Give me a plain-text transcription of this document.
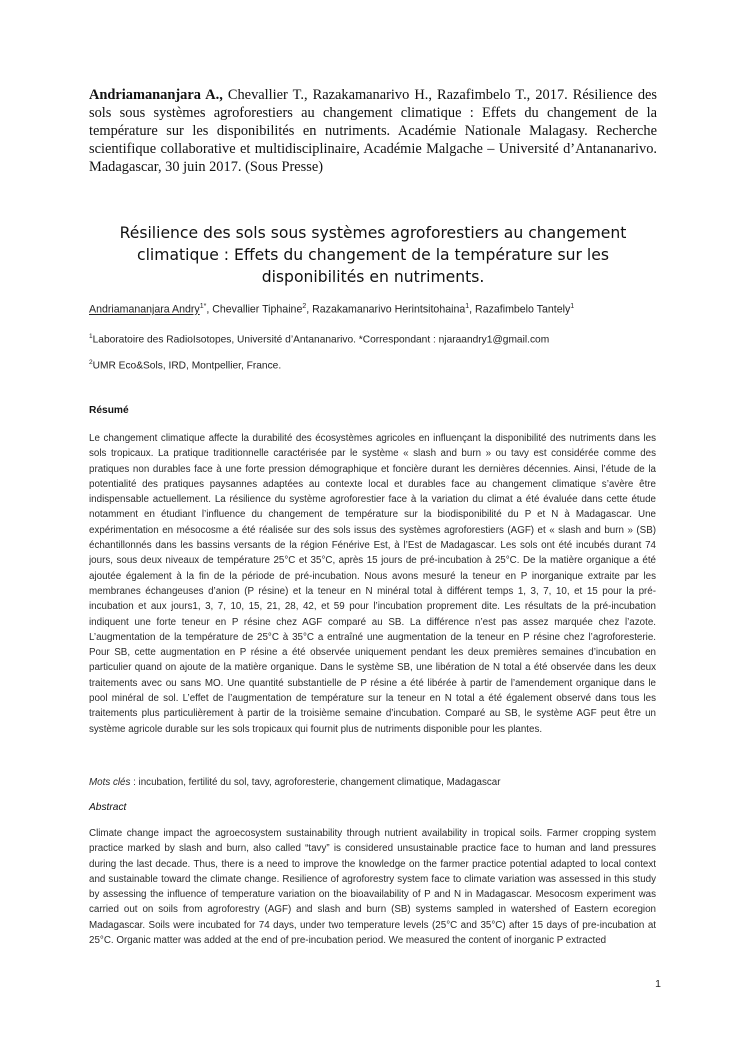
Andriamananjara A., Chevallier T., Razakamanarivo H., Razafimbelo T., 2017. Résilience des sols sous systèmes agroforestiers au changement climatique : Effets du changement de la température sur les disponibilités en nutriments. Académie Nationale Malagasy. Recherche scientifique collaborative et multidisciplinaire, Académie Malgache – Université d’Antananarivo. Madagascar, 30 juin 2017. (Sous Presse)
Résilience des sols sous systèmes agroforestiers au changement climatique : Effets du changement de la température sur les disponibilités en nutriments.
Andriamananjara Andry$^{1*}$, Chevallier Tiphaine$^2$, Razakamanarivo Herintsitohaina$^1$, Razafimbelo Tantely$^1$
$^1$Laboratoire des RadioIsotopes, Université d’Antananarivo. *Correspondant : njaraandry1@gmail.com
$^2$UMR Eco&Sols, IRD, Montpellier, France.
Résumé
Le changement climatique affecte la durabilité des écosystèmes agricoles en influençant la disponibilité des nutriments dans les sols tropicaux. La pratique traditionnelle caractérisée par le système « slash and burn » ou tavy est considérée comme des pratiques non durables face à une forte pression démographique et foncière durant les dernières décennies. Ainsi, l’étude de la potentialité des pratiques paysannes adaptées au contexte local et durables face au changement climatique s’avère être indispensable actuellement. La résilience du système agroforestier face à la variation du climat a été évaluée dans cette étude notamment en étudiant l’influence du changement de température sur la biodisponibilité du P et N à Madagascar. Une expérimentation en mésocosme a été réalisée sur des sols issus des systèmes agroforestiers (AGF) et « slash and burn » (SB) échantillonnés dans les bassins versants de la région Fénérive Est, à l’Est de Madagascar. Les sols ont été incubés durant 74 jours, sous deux niveaux de température 25°C et 35°C, après 15 jours de pré-incubation à 25°C. De la matière organique a été ajoutée également à la fin de la période de pré-incubation. Nous avons mesuré la teneur en P inorganique extraite par les membranes échangeuses d’anion (P résine) et la teneur en N minéral total à différent temps 1, 3, 7, 10, et 15 pour la pré-incubation et aux jours1, 3, 7, 10, 15, 21, 28, 42, et 59 pour l’incubation proprement dite. Les résultats de la pré-incubation indiquent une forte teneur en P résine chez AGF comparé au SB. La différence n’est pas assez marquée chez l’azote. L’augmentation de la température de 25°C à 35°C a entraîné une augmentation de la teneur en P résine chez l’agroforesterie. Pour SB, cette augmentation en P résine a été observée uniquement pendant les deux premières semaines d’incubation en particulier quand on ajoute de la matière organique. Dans le système SB, une libération de N total a été observée dans les deux traitements avec ou sans MO. Une quantité substantielle de P résine a été libérée à partir de l’amendement organique dans le pool minéral de sol. L’effet de l’augmentation de température sur la teneur en N total a été également observé dans tous les traitements plus particulièrement à partir de la troisième semaine d’incubation. Comparé au SB, le système AGF peut être un système agricole durable sur les sols tropicaux qui fournit plus de nutriments disponible pour les plantes.
Mots clés : incubation, fertilité du sol, tavy, agroforesterie, changement climatique, Madagascar
Abstract
Climate change impact the agroecosystem sustainability through nutrient availability in tropical soils. Farmer cropping system practice marked by slash and burn, also called “tavy” is considered unsustainable practice face to human and land pressures during the last decade. Thus, there is a need to improve the knowledge on the farmer practice potential adapted to local context and sustainable toward the climate change. Resilience of agroforestry system face to climate variation was assessed in this study by assessing the influence of temperature variation on the bioavailability of P and N in Madagascar. Mesocosm experiment was carried out on soils from agroforestry (AGF) and slash and burn (SB) systems sampled in watershed of Eastern ecoregion Madagascar. Soils were incubated for 74 days, under two temperature levels (25°C and 35°C) after 15 days of pre-incubation at 25°C. Organic matter was added at the end of pre-incubation period. We measured the content of inorganic P extracted
1
